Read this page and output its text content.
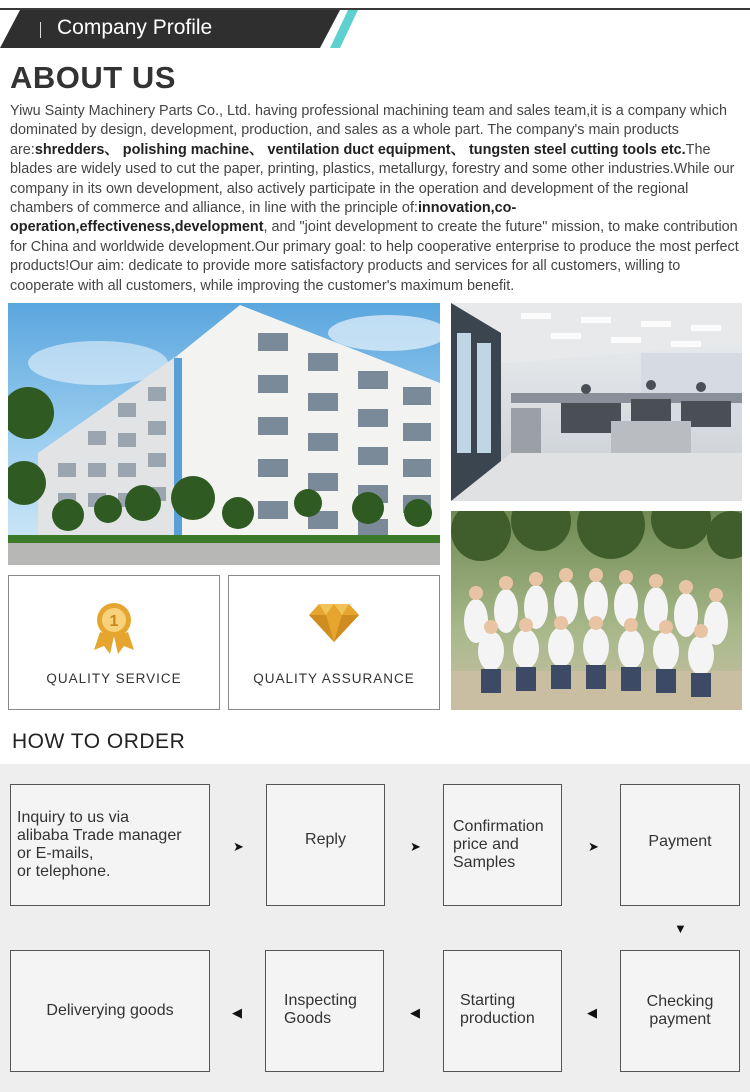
Company Profile
ABOUT US
Yiwu Sainty Machinery Parts Co., Ltd. having professional machining team and sales team,it is a company which dominated by design, development, production, and sales as a whole part. The company's main products are:shredders、 polishing machine、 ventilation duct equipment、 tungsten steel cutting tools etc.The blades are widely used to cut the paper, printing, plastics, metallurgy, forestry and some other industries.While our company in its own development, also actively participate in the operation and development of the regional chambers of commerce and alliance, in line with the principle of:innovation,co-operation,effectiveness,development, and "joint development to create the future" mission, to make contribution for China and worldwide development.Our primary goal: to help cooperative enterprise to produce the most perfect products!Our aim: dedicate to provide more satisfactory products and services for all customers, willing to cooperate with all customers, while improving the customer's maximum benefit.
1
QUALITY SERVICE	QUALITY ASSURANCE
HOW TO ORDER
Inquiry to us via
alibaba Trade manager
or E-mails,
or telephone.
➤	Reply	➤
Confirmation
price and
Samples
➤	Payment
▼
Checking
payment
◀
Starting
production
◀
Inspecting
Goods
◀
Deliverying goods
